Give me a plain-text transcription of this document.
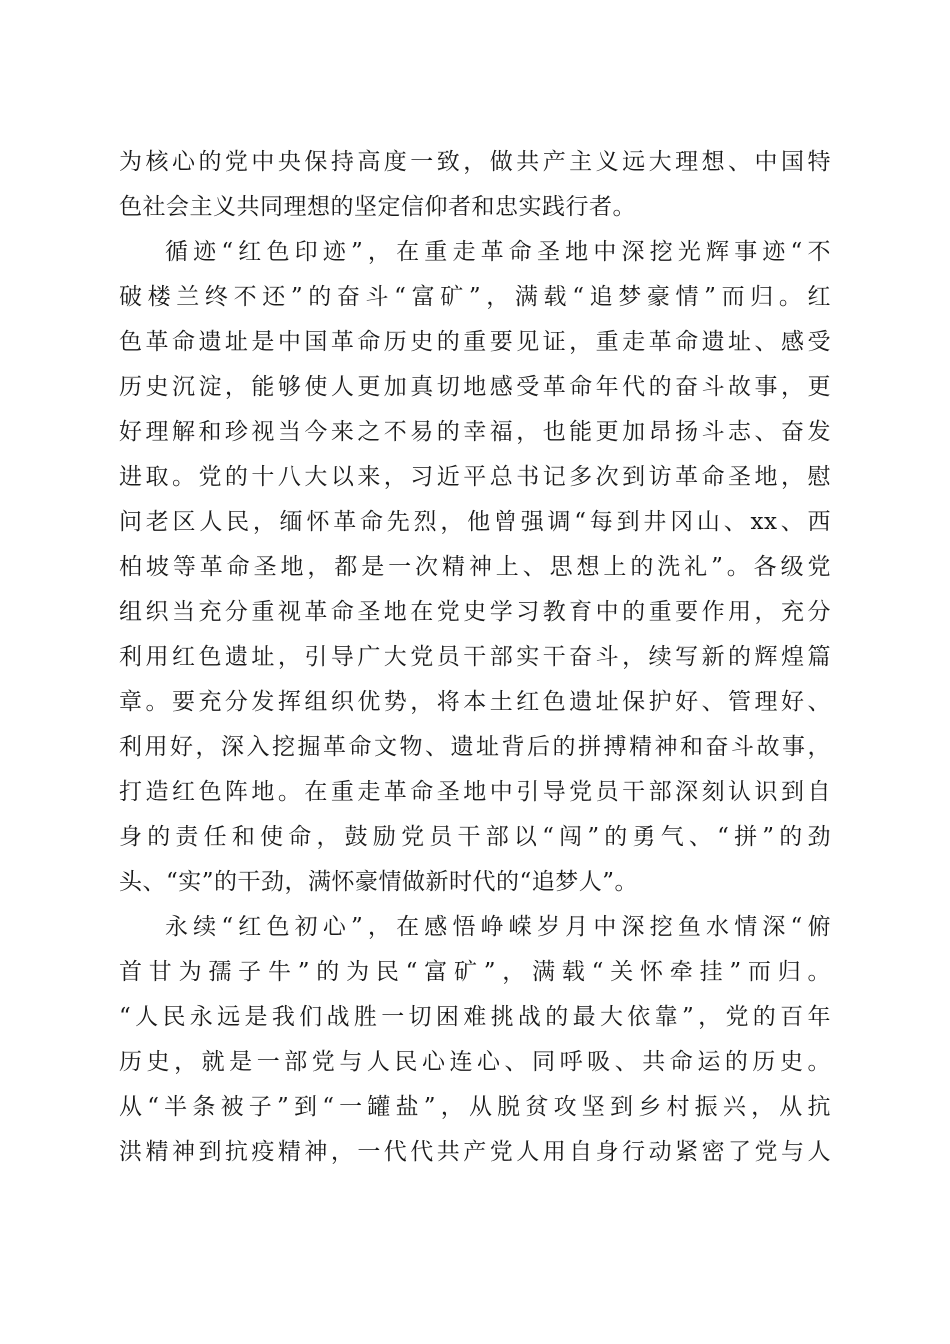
为核心的党中央保持高度一致，做共产主义远大理想、中国特
色社会主义共同理想的坚定信仰者和忠实践行者。
循迹“红色印迹”，在重走革命圣地中深挖光辉事迹“不
破楼兰终不还”的奋斗“富矿”，满载“追梦豪情”而归。红
色革命遗址是中国革命历史的重要见证，重走革命遗址、感受
历史沉淀，能够使人更加真切地感受革命年代的奋斗故事，更
好理解和珍视当今来之不易的幸福，也能更加昂扬斗志、奋发
进取。党的十八大以来，习近平总书记多次到访革命圣地，慰
问老区人民，缅怀革命先烈，他曾强调“每到井冈山、xx、西
柏坡等革命圣地，都是一次精神上、思想上的洗礼”。各级党
组织当充分重视革命圣地在党史学习教育中的重要作用，充分
利用红色遗址，引导广大党员干部实干奋斗，续写新的辉煌篇
章。要充分发挥组织优势，将本土红色遗址保护好、管理好、
利用好，深入挖掘革命文物、遗址背后的拼搏精神和奋斗故事，
打造红色阵地。在重走革命圣地中引导党员干部深刻认识到自
身的责任和使命，鼓励党员干部以“闯”的勇气、“拼”的劲
头、“实”的干劲，满怀豪情做新时代的“追梦人”。
永续“红色初心”，在感悟峥嵘岁月中深挖鱼水情深“俯
首甘为孺子牛”的为民“富矿”，满载“关怀牵挂”而归。
“人民永远是我们战胜一切困难挑战的最大依靠”，党的百年
历史，就是一部党与人民心连心、同呼吸、共命运的历史。
从“半条被子”到“一罐盐”，从脱贫攻坚到乡村振兴，从抗
洪精神到抗疫精神，一代代共产党人用自身行动紧密了党与人
